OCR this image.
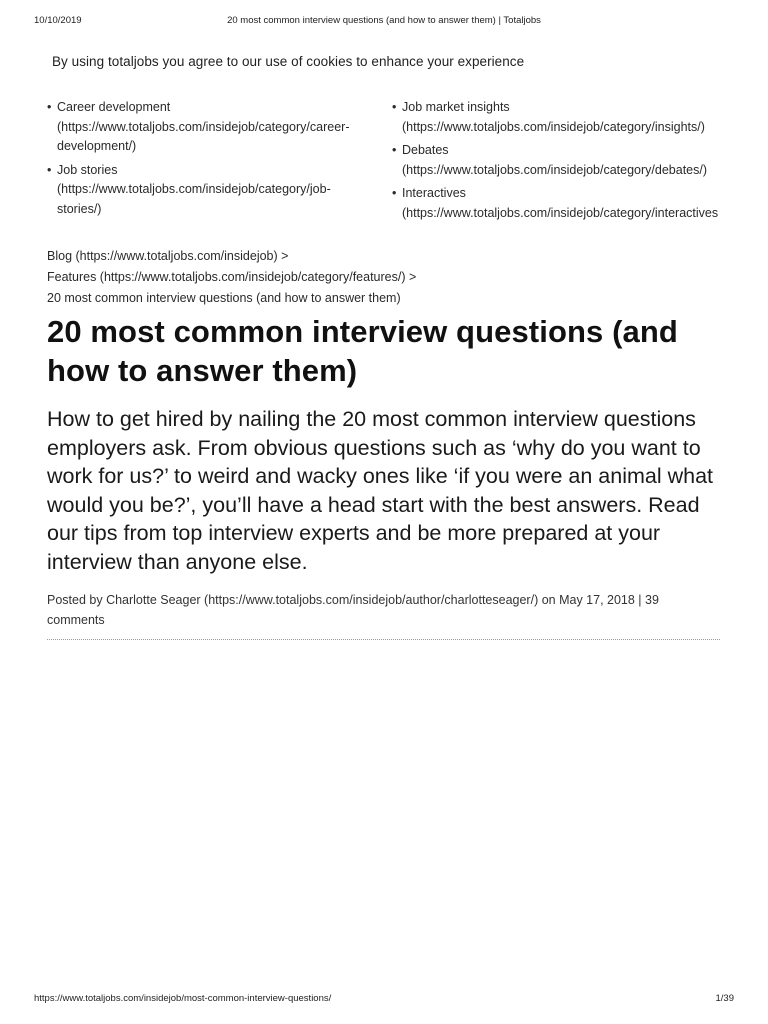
10/10/2019	20 most common interview questions (and how to answer them) | Totaljobs
By using totaljobs you agree to our use of cookies to enhance your experience
• Career development
(https://www.totaljobs.com/insidejob/category/career-
development/)
• Job stories
(https://www.totaljobs.com/insidejob/category/job-
stories/)
• Job market insights
(https://www.totaljobs.com/insidejob/category/insights/)
• Debates
(https://www.totaljobs.com/insidejob/category/debates/)
• Interactives
(https://www.totaljobs.com/insidejob/category/interactives
Blog (https://www.totaljobs.com/insidejob) >
Features (https://www.totaljobs.com/insidejob/category/features/) >
20 most common interview questions (and how to answer them)
20 most common interview questions (and how to answer them)

How to get hired by nailing the 20 most common interview questions employers ask. From obvious questions such as ‘why do you want to work for us?’ to weird and wacky ones like ‘if you were an animal what would you be?’, you’ll have a head start with the best answers. Read our tips from top interview experts and be more prepared at your interview than anyone else.

Posted by Charlotte Seager (https://www.totaljobs.com/insidejob/author/charlotteseager/) on May 17, 2018 | 39 comments
https://www.totaljobs.com/insidejob/most-common-interview-questions/	1/39
